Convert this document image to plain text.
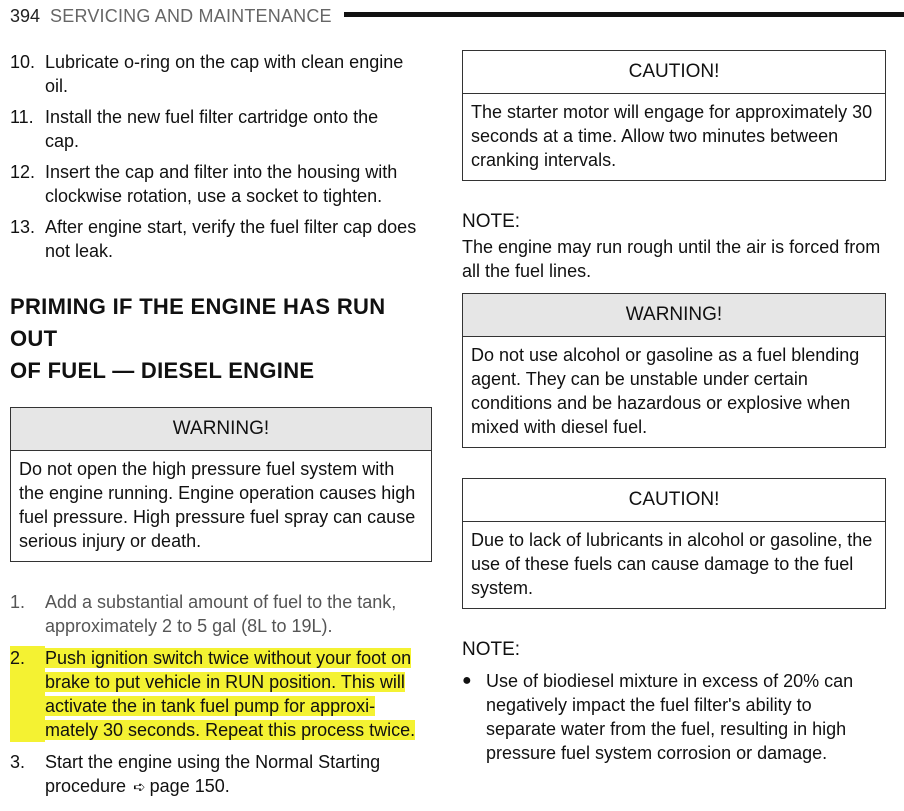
394 SERVICING AND MAINTENANCE
10. Lubricate o-ring on the cap with clean engine
oil.
11. Install the new fuel filter cartridge onto the
cap.
12. Insert the cap and filter into the housing with
clockwise rotation, use a socket to tighten.
13. After engine start, verify the fuel filter cap does
not leak.
PRIMING IF THE ENGINE HAS RUN OUT
OF FUEL — DIESEL ENGINE
WARNING!
Do not open the high pressure fuel system with the engine running. Engine operation causes high fuel pressure. High pressure fuel spray can cause serious injury or death.
1.	Add a substantial amount of fuel to the tank,
approximately 2 to 5 gal (8L to 19L).
2.	Push ignition switch twice without your foot on
brake to put vehicle in RUN position. This will
activate the in tank fuel pump for approxi-
mately 30 seconds. Repeat this process twice.
3.	Start the engine using the Normal Starting
procedure ➪ page 150.
CAUTION!
The starter motor will engage for approximately 30 seconds at a time. Allow two minutes between cranking intervals.
NOTE:
The engine may run rough until the air is forced from all the fuel lines.
WARNING!
Do not use alcohol or gasoline as a fuel blending agent. They can be unstable under certain conditions and be hazardous or explosive when mixed with diesel fuel.
CAUTION!
Due to lack of lubricants in alcohol or gasoline, the use of these fuels can cause damage to the fuel system.
NOTE:
● Use of biodiesel mixture in excess of 20% can negatively impact the fuel filter's ability to separate water from the fuel, resulting in high pressure fuel system corrosion or damage.
